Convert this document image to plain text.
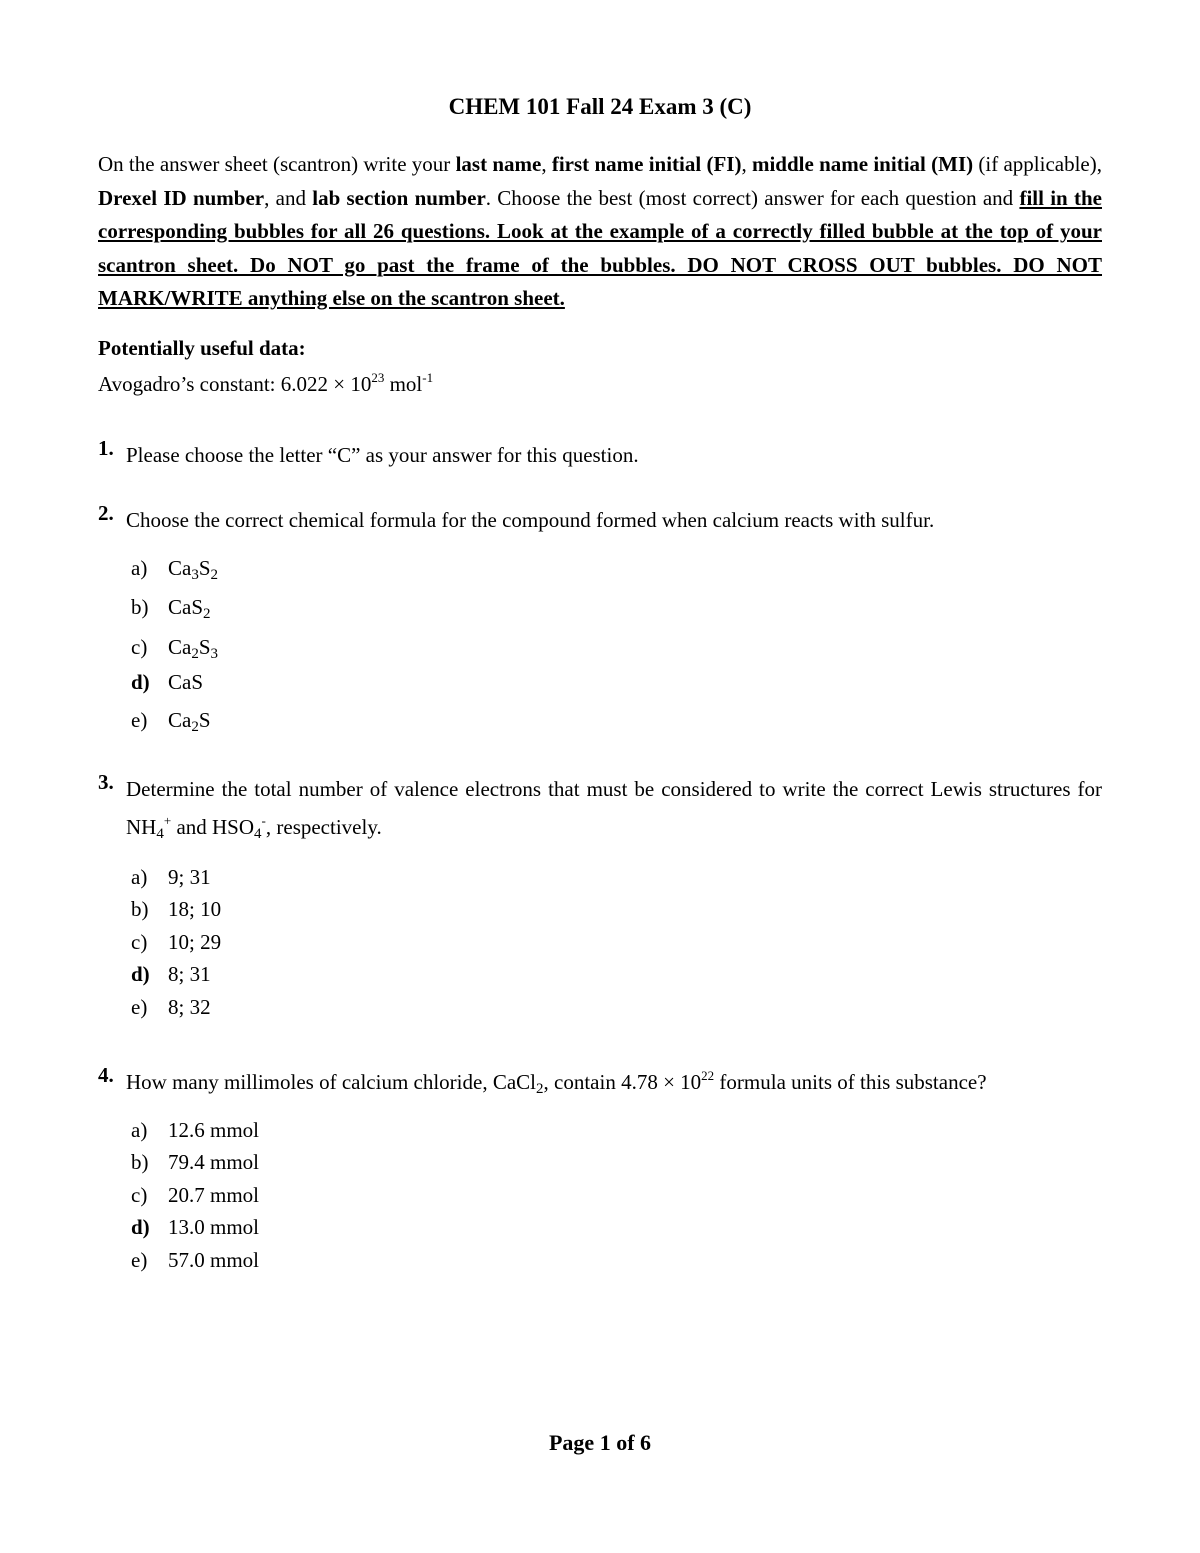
CHEM 101 Fall 24 Exam 3 (C)
On the answer sheet (scantron) write your last name, first name initial (FI), middle name initial (MI) (if applicable), Drexel ID number, and lab section number. Choose the best (most correct) answer for each question and fill in the corresponding bubbles for all 26 questions. Look at the example of a correctly filled bubble at the top of your scantron sheet. Do NOT go past the frame of the bubbles. DO NOT CROSS OUT bubbles. DO NOT MARK/WRITE anything else on the scantron sheet.
Potentially useful data:
Avogadro’s constant: $6.022 \times 10^{23}$ mol$^{-1}$
1. Please choose the letter “C” as your answer for this question.
2. Choose the correct chemical formula for the compound formed when calcium reacts with sulfur.
a) $Ca_3S_2$
b) CaS$_2$
c) $Ca_2S_3$
d) CaS
e) $Ca_2S$
3. Determine the total number of valence electrons that must be considered to write the correct Lewis structures for $NH_4^+$ and $HSO_4^-$, respectively.
a) 9; 31
b) 18; 10
c) 10; 29
d) 8; 31
e) 8; 32
4. How many millimoles of calcium chloride, CaCl$_2$, contain $4.78 \times 10^{22}$ formula units of this substance?
a) 12.6 mmol
b) 79.4 mmol
c) 20.7 mmol
d) 13.0 mmol
e) 57.0 mmol
Page 1 of 6
